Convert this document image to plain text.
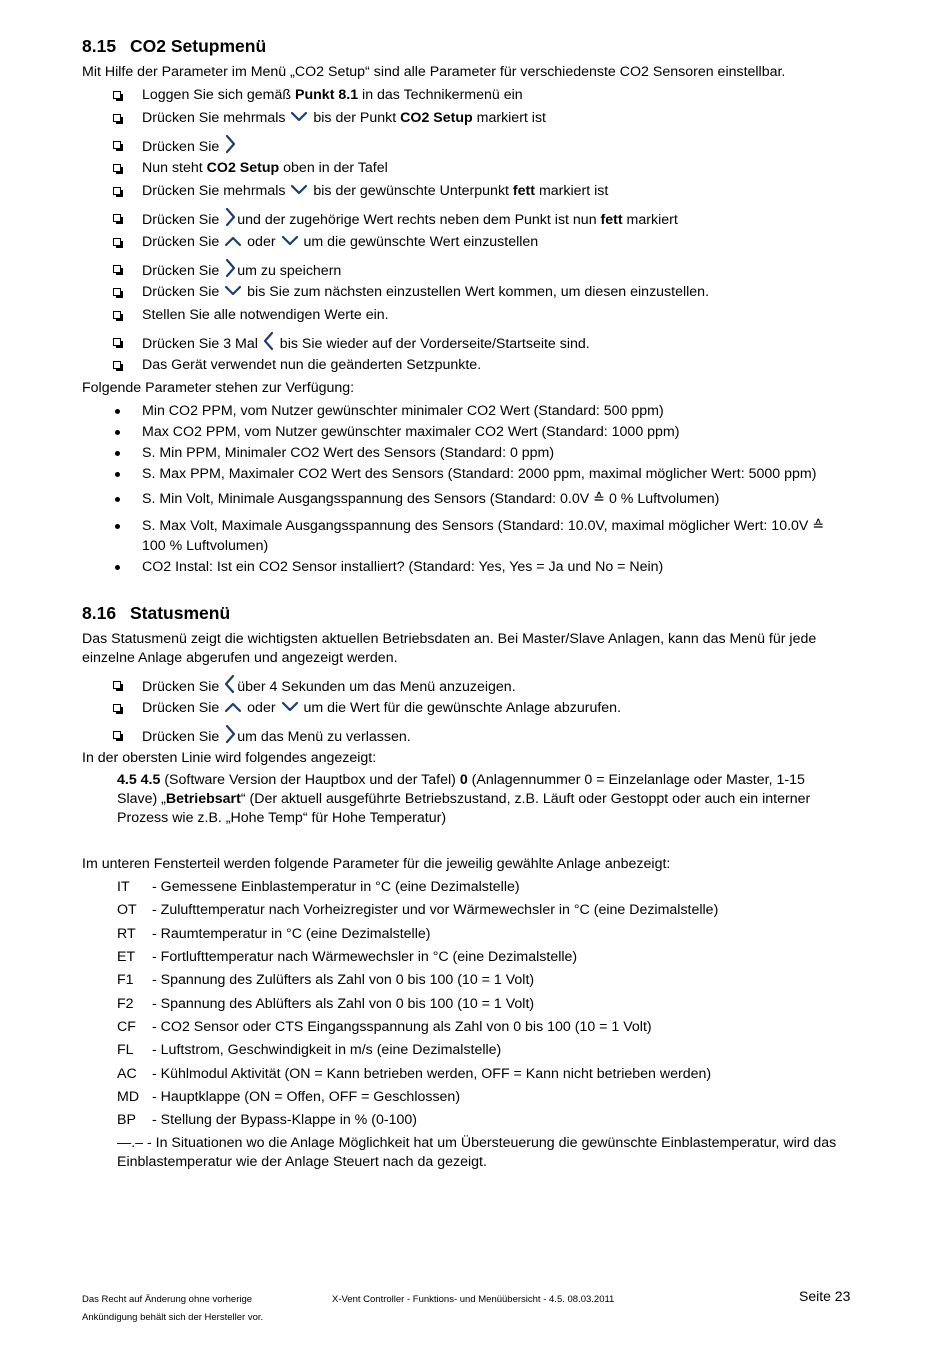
8.15 CO2 Setupmenü
Mit Hilfe der Parameter im Menü „CO2 Setup“ sind alle Parameter für verschiedenste CO2 Sensoren einstellbar.
Loggen Sie sich gemäß Punkt 8.1 in das Technikermenü ein
Drücken Sie mehrmals
bis der Punkt CO2 Setup markiert ist
Drücken Sie
Nun steht CO2 Setup oben in der Tafel
Drücken Sie mehrmals
bis der gewünschte Unterpunkt fett markiert ist
Drücken Sie
und der zugehörige Wert rechts neben dem Punkt ist nun fett markiert
Drücken Sie
oder
um die gewünschte Wert einzustellen
Drücken Sie
um zu speichern
Drücken Sie
bis Sie zum nächsten einzustellen Wert kommen, um diesen einzustellen.
Stellen Sie alle notwendigen Werte ein.
Drücken Sie 3 Mal
bis Sie wieder auf der Vorderseite/Startseite sind.
Das Gerät verwendet nun die geänderten Setzpunkte.
Folgende Parameter stehen zur Verfügung:
Min CO2 PPM, vom Nutzer gewünschter minimaler CO2 Wert (Standard: 500 ppm)
Max CO2 PPM, vom Nutzer gewünschter maximaler CO2 Wert (Standard: 1000 ppm)
S. Min PPM, Minimaler CO2 Wert des Sensors (Standard: 0 ppm)
S. Max PPM, Maximaler CO2 Wert des Sensors (Standard: 2000 ppm, maximal möglicher Wert: 5000 ppm)
S. Min Volt, Minimale Ausgangsspannung des Sensors (Standard: 0.0V ≙ 0 % Luftvolumen)
S. Max Volt, Maximale Ausgangsspannung des Sensors (Standard: 10.0V, maximal möglicher Wert: 10.0V ≙
100 % Luftvolumen)
CO2 Instal: Ist ein CO2 Sensor installiert? (Standard: Yes, Yes = Ja und No = Nein)
8.16 Statusmenü
Das Statusmenü zeigt die wichtigsten aktuellen Betriebsdaten an. Bei Master/Slave Anlagen, kann das Menü für jede
einzelne Anlage abgerufen und angezeigt werden.
Drücken Sie
über 4 Sekunden um das Menü anzuzeigen.
Drücken Sie
oder
um die Wert für die gewünschte Anlage abzurufen.
Drücken Sie
um das Menü zu verlassen.
In der obersten Linie wird folgendes angezeigt:
4.5 4.5 (Software Version der Hauptbox und der Tafel) 0 (Anlagennummer 0 = Einzelanlage oder Master, 1-15
Slave) „Betriebsart“ (Der aktuell ausgeführte Betriebszustand, z.B. Läuft oder Gestoppt oder auch ein interner
Prozess wie z.B. „Hohe Temp“ für Hohe Temperatur)
Im unteren Fensterteil werden folgende Parameter für die jeweilig gewählte Anlage anbezeigt:
IT - Gemessene Einblastemperatur in °C (eine Dezimalstelle)
OT - Zulufttemperatur nach Vorheizregister und vor Wärmewechsler in °C (eine Dezimalstelle)
RT - Raumtemperatur in °C (eine Dezimalstelle)
ET - Fortlufttemperatur nach Wärmewechsler in °C (eine Dezimalstelle)
F1 - Spannung des Zulüfters als Zahl von 0 bis 100 (10 = 1 Volt)
F2 - Spannung des Ablüfters als Zahl von 0 bis 100 (10 = 1 Volt)
CF - CO2 Sensor oder CTS Eingangsspannung als Zahl von 0 bis 100 (10 = 1 Volt)
FL - Luftstrom, Geschwindigkeit in m/s (eine Dezimalstelle)
AC - Kühlmodul Aktivität (ON = Kann betrieben werden, OFF = Kann nicht betrieben werden)
MD - Hauptklappe (ON = Offen, OFF = Geschlossen)
BP - Stellung der Bypass-Klappe in % (0-100)
—.– - In Situationen wo die Anlage Möglichkeit hat um Übersteuerung die gewünschte Einblastemperatur, wird das
Einblastemperatur wie der Anlage Steuert nach da gezeigt.
Das Recht auf Änderung ohne vorherige
Ankündigung behält sich der Hersteller vor.
X-Vent Controller - Funktions- und Menüübersicht - 4.5. 08.03.2011	Seite 23
